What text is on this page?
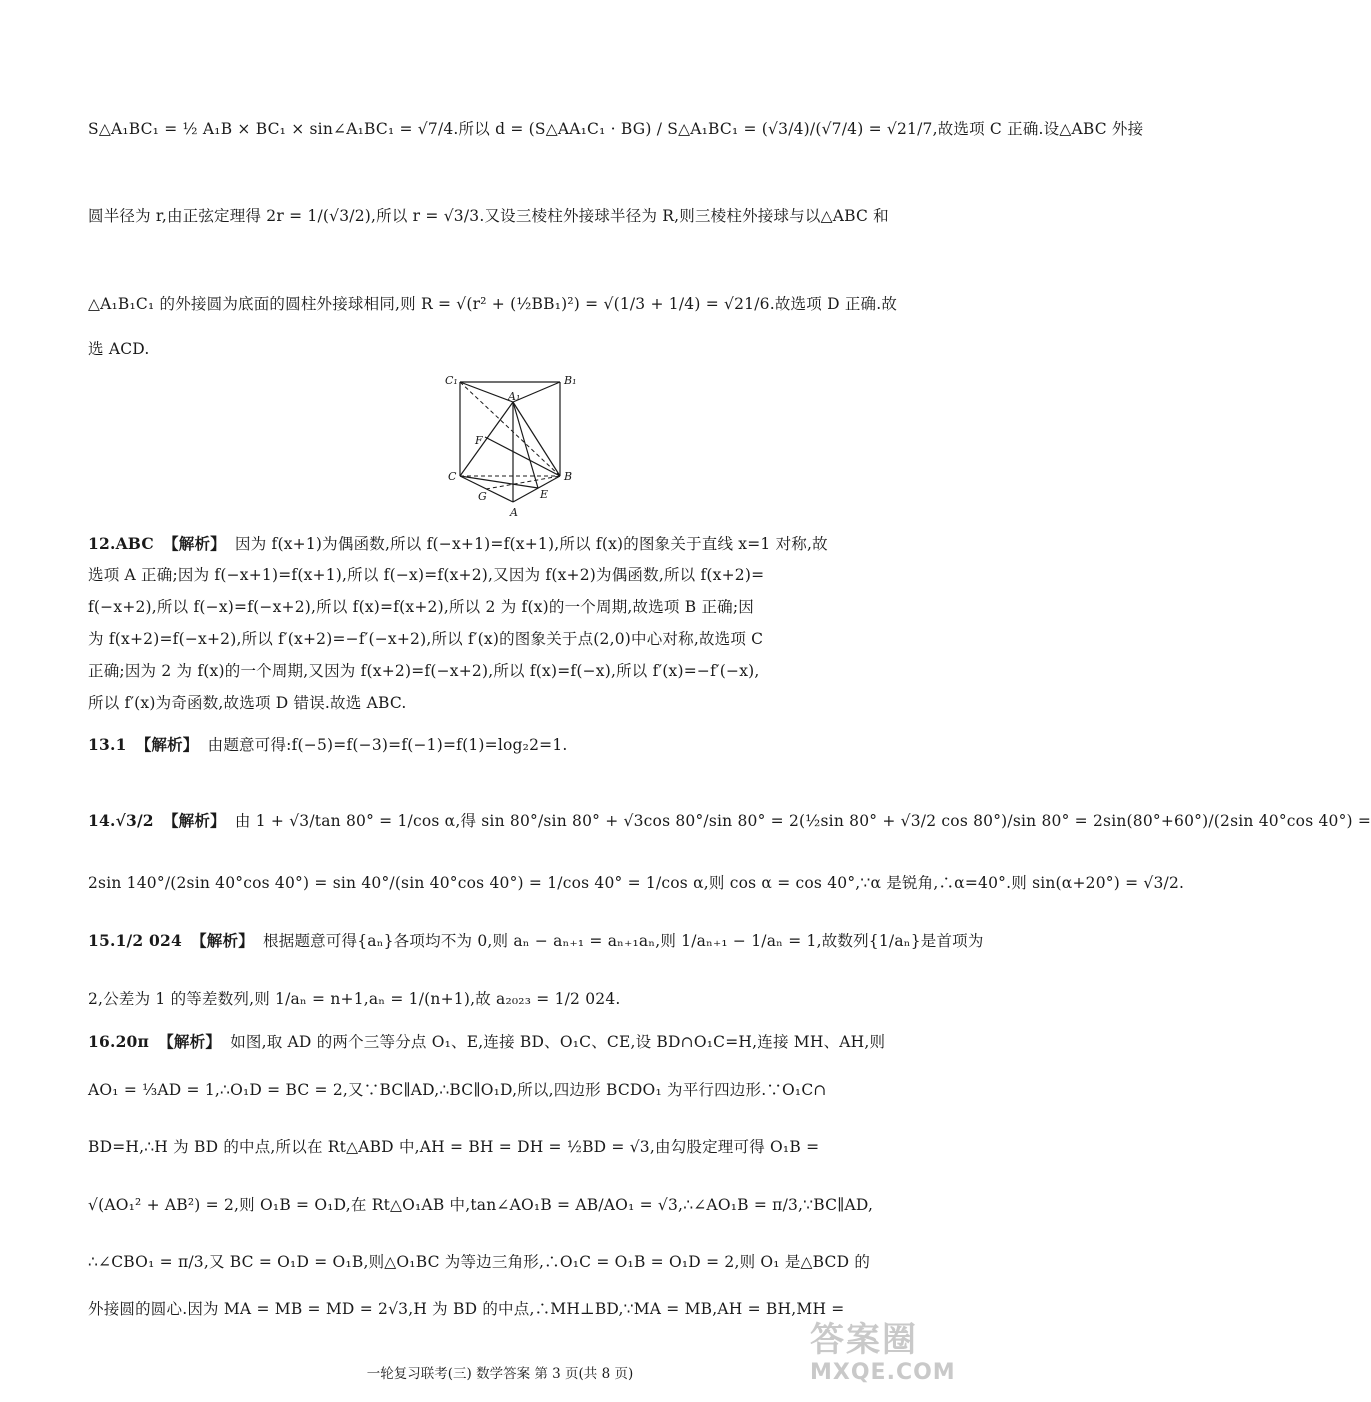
S△A₁BC₁ = ½ A₁B × BC₁ × sin∠A₁BC₁ = √7/4.所以 d = (S△AA₁C₁ · BG) / S△A₁BC₁ = (√3/4)/(√7/4) = √21/7,故选项 C 正确.设△ABC 外接
圆半径为 r,由正弦定理得 2r = 1/(√3/2),所以 r = √3/3.又设三棱柱外接球半径为 R,则三棱柱外接球与以△ABC 和
△A₁B₁C₁ 的外接圆为底面的圆柱外接球相同,则 R = √(r² + (½BB₁)²) = √(1/3 + 1/4) = √21/6.故选项 D 正确.故
选 ACD.
C₁	B₁
A₁
F
C	B
G	E
A
12.ABC 【解析】 因为 f(x+1)为偶函数,所以 f(−x+1)=f(x+1),所以 f(x)的图象关于直线 x=1 对称,故
选项 A 正确;因为 f(−x+1)=f(x+1),所以 f(−x)=f(x+2),又因为 f(x+2)为偶函数,所以 f(x+2)=
f(−x+2),所以 f(−x)=f(−x+2),所以 f(x)=f(x+2),所以 2 为 f(x)的一个周期,故选项 B 正确;因
为 f(x+2)=f(−x+2),所以 f′(x+2)=−f′(−x+2),所以 f′(x)的图象关于点(2,0)中心对称,故选项 C
正确;因为 2 为 f(x)的一个周期,又因为 f(x+2)=f(−x+2),所以 f(x)=f(−x),所以 f′(x)=−f′(−x),
所以 f′(x)为奇函数,故选项 D 错误.故选 ABC.
13.1 【解析】 由题意可得:f(−5)=f(−3)=f(−1)=f(1)=log₂2=1.
14.√3/2 【解析】 由 1 + √3/tan 80° = 1/cos α,得 sin 80°/sin 80° + √3cos 80°/sin 80° = 2(½sin 80° + √3/2 cos 80°)/sin 80° = 2sin(80°+60°)/(2sin 40°cos 40°) =
2sin 140°/(2sin 40°cos 40°) = sin 40°/(sin 40°cos 40°) = 1/cos 40° = 1/cos α,则 cos α = cos 40°,∵α 是锐角,∴α=40°.则 sin(α+20°) = √3/2.
15.1/2 024 【解析】 根据题意可得{aₙ}各项均不为 0,则 aₙ − aₙ₊₁ = aₙ₊₁aₙ,则 1/aₙ₊₁ − 1/aₙ = 1,故数列{1/aₙ}是首项为
2,公差为 1 的等差数列,则 1/aₙ = n+1,aₙ = 1/(n+1),故 a₂₀₂₃ = 1/2 024.
16.20π 【解析】 如图,取 AD 的两个三等分点 O₁、E,连接 BD、O₁C、CE,设 BD∩O₁C=H,连接 MH、AH,则
AO₁ = ⅓AD = 1,∴O₁D = BC = 2,又∵BC∥AD,∴BC∥O₁D,所以,四边形 BCDO₁ 为平行四边形.∵O₁C∩
BD=H,∴H 为 BD 的中点,所以在 Rt△ABD 中,AH = BH = DH = ½BD = √3,由勾股定理可得 O₁B =
√(AO₁² + AB²) = 2,则 O₁B = O₁D,在 Rt△O₁AB 中,tan∠AO₁B = AB/AO₁ = √3,∴∠AO₁B = π/3,∵BC∥AD,
∴∠CBO₁ = π/3,又 BC = O₁D = O₁B,则△O₁BC 为等边三角形,∴O₁C = O₁B = O₁D = 2,则 O₁ 是△BCD 的
外接圆的圆心.因为 MA = MB = MD = 2√3,H 为 BD 的中点,∴MH⊥BD,∵MA = MB,AH = BH,MH =
一轮复习联考(三) 数学答案 第 3 页(共 8 页)
答案圈
MXQE.COM
